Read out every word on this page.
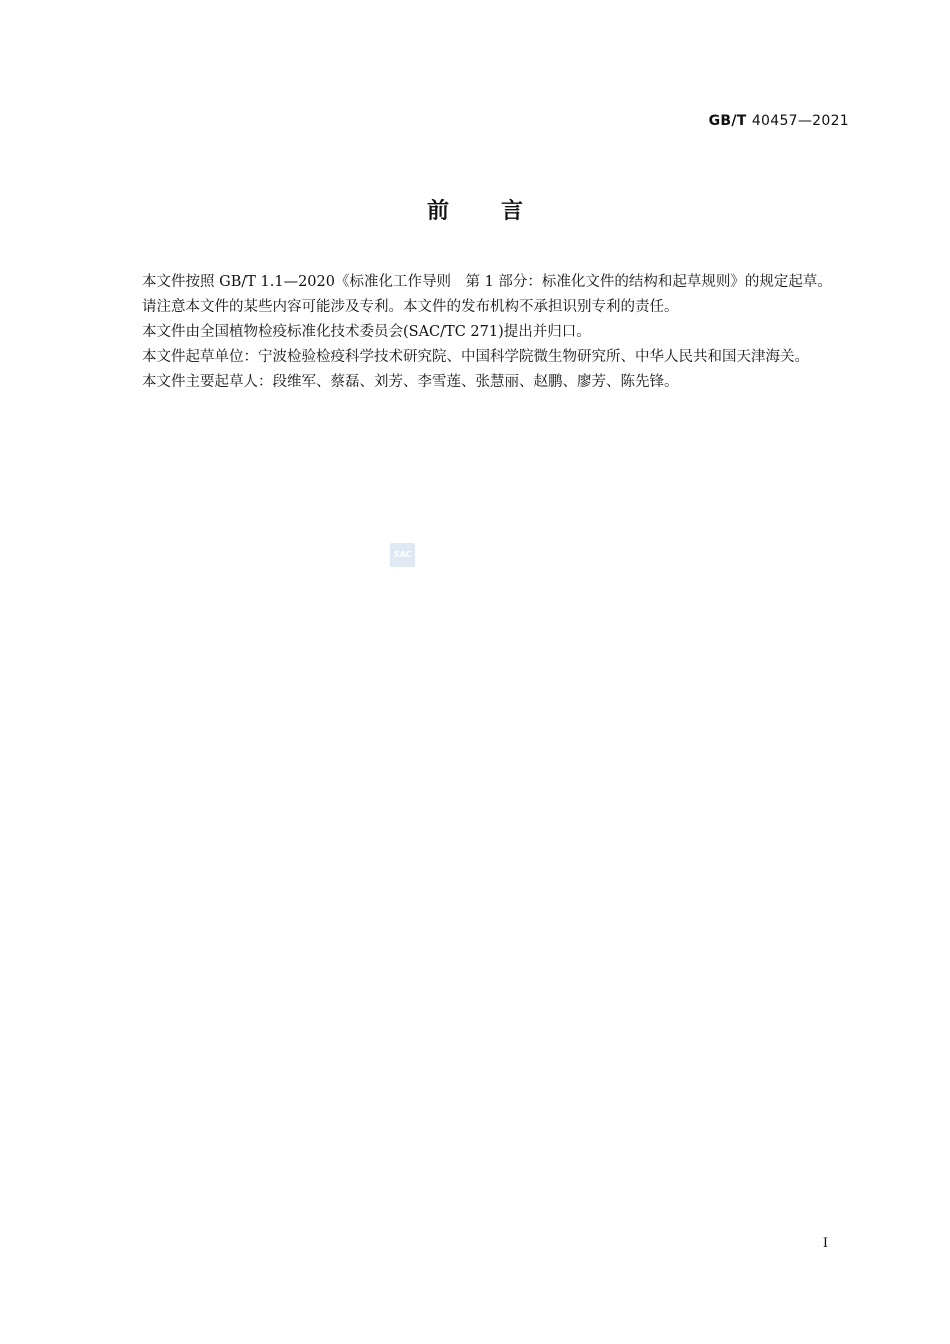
GB/T 40457—2021
前言

本文件按照 GB/T 1.1—2020《标准化工作导则　第 1 部分：标准化文件的结构和起草规则》的规定起草。

请注意本文件的某些内容可能涉及专利。本文件的发布机构不承担识别专利的责任。

本文件由全国植物检疫标准化技术委员会(SAC/TC 271)提出并归口。

本文件起草单位：宁波检验检疫科学技术研究院、中国科学院微生物研究所、中华人民共和国天津海关。

本文件主要起草人：段维军、蔡磊、刘芳、李雪莲、张慧丽、赵鹏、廖芳、陈先锋。

SAC
I
